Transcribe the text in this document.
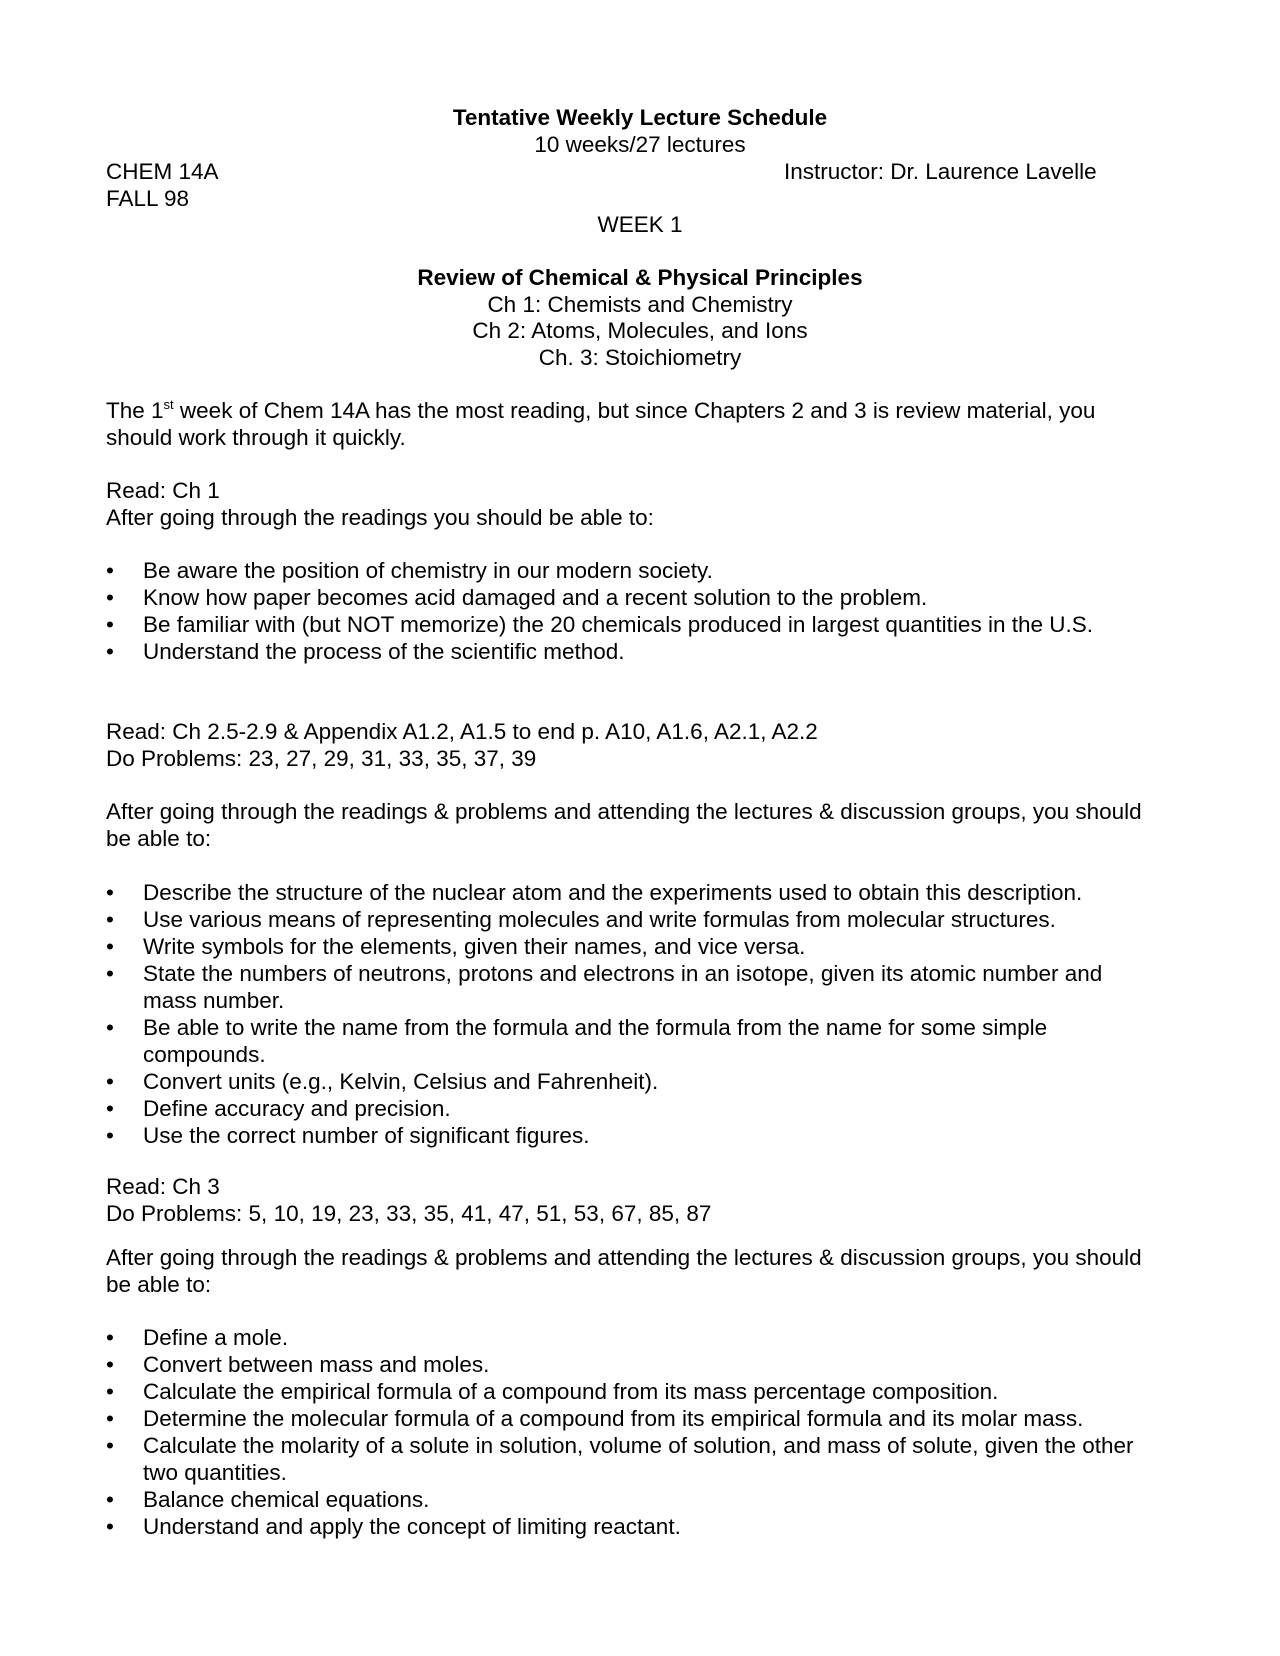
Tentative Weekly Lecture Schedule
10 weeks/27 lectures
CHEM 14A	Instructor: Dr. Laurence Lavelle
FALL 98
WEEK 1
Review of Chemical & Physical Principles
Ch 1: Chemists and Chemistry
Ch 2: Atoms, Molecules, and Ions
Ch. 3: Stoichiometry
The 1st week of Chem 14A has the most reading, but since Chapters 2 and 3 is review material, you
should work through it quickly.
Read: Ch 1
After going through the readings you should be able to:
• Be aware the position of chemistry in our modern society.
• Know how paper becomes acid damaged and a recent solution to the problem.
• Be familiar with (but NOT memorize) the 20 chemicals produced in largest quantities in the U.S.
• Understand the process of the scientific method.
Read: Ch 2.5-2.9 & Appendix A1.2, A1.5 to end p. A10, A1.6, A2.1, A2.2
Do Problems: 23, 27, 29, 31, 33, 35, 37, 39
After going through the readings & problems and attending the lectures & discussion groups, you should
be able to:
• Describe the structure of the nuclear atom and the experiments used to obtain this description.
• Use various means of representing molecules and write formulas from molecular structures.
• Write symbols for the elements, given their names, and vice versa.
• State the numbers of neutrons, protons and electrons in an isotope, given its atomic number and
mass number.
• Be able to write the name from the formula and the formula from the name for some simple
compounds.
• Convert units (e.g., Kelvin, Celsius and Fahrenheit).
• Define accuracy and precision.
• Use the correct number of significant figures.
Read: Ch 3
Do Problems: 5, 10, 19, 23, 33, 35, 41, 47, 51, 53, 67, 85, 87
After going through the readings & problems and attending the lectures & discussion groups, you should
be able to:
• Define a mole.
• Convert between mass and moles.
• Calculate the empirical formula of a compound from its mass percentage composition.
• Determine the molecular formula of a compound from its empirical formula and its molar mass.
• Calculate the molarity of a solute in solution, volume of solution, and mass of solute, given the other
two quantities.
• Balance chemical equations.
• Understand and apply the concept of limiting reactant.
